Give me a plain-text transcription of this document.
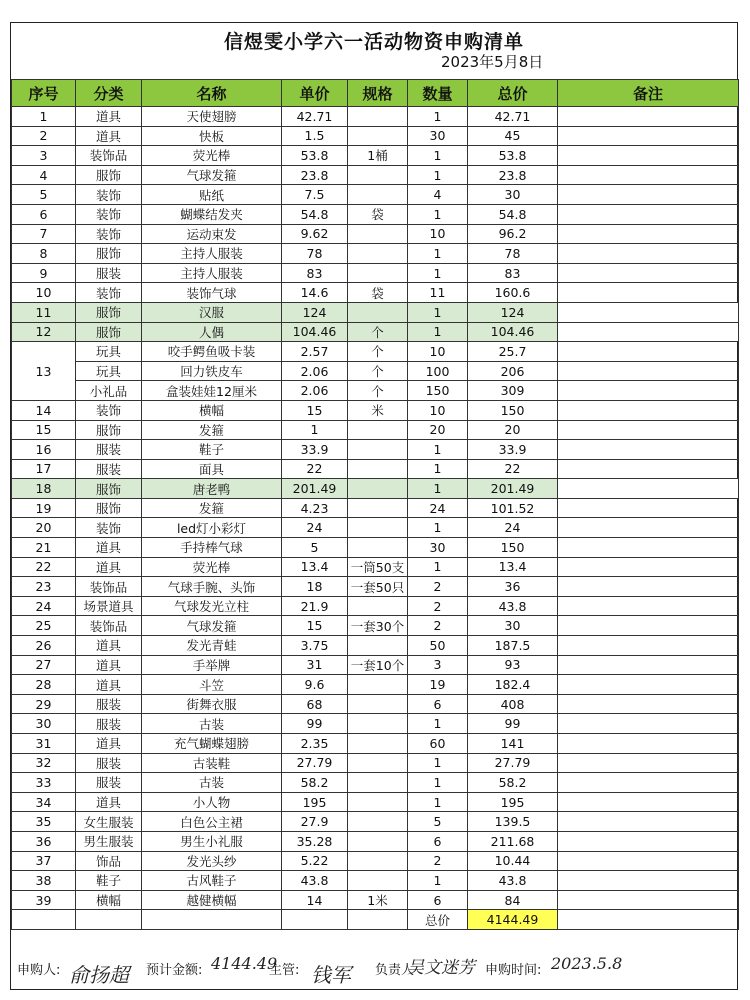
信煜雯小学六一活动物资申购清单
2023年5月8日
序号	分类	名称	单价	规格	数量	总价	备注
1	道具	天使翅膀	42.71		1	42.71	
2	道具	快板	1.5		30	45	
3	装饰品	荧光棒	53.8	1桶	1	53.8	
4	服饰	气球发箍	23.8		1	23.8	
5	装饰	贴纸	7.5		4	30	
6	装饰	蝴蝶结发夹	54.8	袋	1	54.8	
7	装饰	运动束发	9.62		10	96.2	
8	服饰	主持人服装	78		1	78	
9	服装	主持人服装	83		1	83	
10	装饰	装饰气球	14.6	袋	11	160.6	
11	服饰	汉服	124		1	124	
12	服饰	人偶	104.46	个	1	104.46	
13	玩具	咬手鳄鱼吸卡装	2.57	个	10	25.7	
	玩具	回力铁皮车	2.06	个	100	206	
	小礼品	盒装娃娃12厘米	2.06	个	150	309	
14	装饰	横幅	15	米	10	150	
15	服饰	发箍	1		20	20	
16	服装	鞋子	33.9		1	33.9	
17	服装	面具	22		1	22	
18	服饰	唐老鸭	201.49		1	201.49	
19	服饰	发箍	4.23		24	101.52	
20	装饰	led灯小彩灯	24		1	24	
21	道具	手持棒气球	5		30	150	
22	道具	荧光棒	13.4	一筒50支	1	13.4	
23	装饰品	气球手腕、头饰	18	一套50只	2	36	
24	场景道具	气球发光立柱	21.9		2	43.8	
25	装饰品	气球发箍	15	一套30个	2	30	
26	道具	发光青蛙	3.75		50	187.5	
27	道具	手举牌	31	一套10个	3	93	
28	道具	斗笠	9.6		19	182.4	
29	服装	街舞衣服	68		6	408	
30	服装	古装	99		1	99	
31	道具	充气蝴蝶翅膀	2.35		60	141	
32	服装	古装鞋	27.79		1	27.79	
33	服装	古装	58.2		1	58.2	
34	道具	小人物	195		1	195	
35	女生服装	白色公主裙	27.9		5	139.5	
36	男生服装	男生小礼服	35.28		6	211.68	
37	饰品	发光头纱	5.22		2	10.44	
38	鞋子	古风鞋子	43.8		1	43.8	
39	横幅	越健横幅	14	1米	6	84	
					总价	4144.49	
申购人: 俞扬超 预计金额: 4144.49
主管: 钱军 负责人
吴文迷芳 申购时间: 2023.5.8
